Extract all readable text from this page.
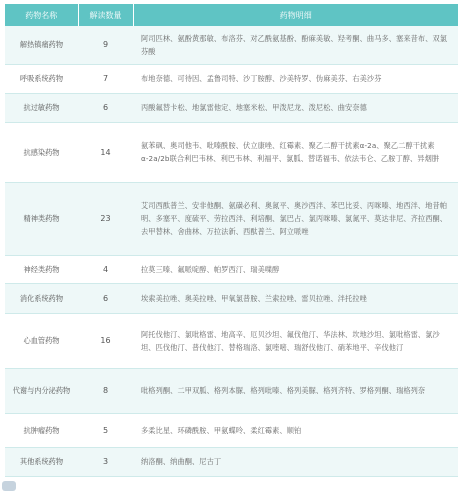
药物名称	解读数量	药物明细
解热镇痛药物	9	阿司匹林、氨酚黄那敏、布洛芬、对乙酰氨基酚、酚麻美敏、羟考酮、曲马多、塞来昔布、双氯芬酸
呼吸系统药物	7	布地奈德、可待因、孟鲁司特、沙丁胺醇、沙美特罗、伪麻美芬、右美沙芬
抗过敏药物	6	丙酸氟替卡松、地氯雷他定、地塞米松、甲泼尼龙、泼尼松、曲安奈德
抗感染药物	14	氨苯砜、奥司他韦、吡嗪酰胺、伏立康唑、红霉素、聚乙二醇干扰素α-2a、聚乙二醇干扰素α-2a/2b联合利巴韦林、利巴韦林、利福平、氯胍、替诺福韦、依法韦仑、乙胺丁醇、异烟肼
精神类药物	23	艾司西酞普兰、安非他酮、氨磺必利、奥氮平、奥沙西泮、苯巴比妥、丙咪嗪、地西泮、地昔帕明、多塞平、度硫平、劳拉西泮、利培酮、氯巴占、氯丙咪嗪、氯氮平、莫达非尼、齐拉西酮、去甲替林、舍曲林、万拉法新、西酞普兰、阿立哌唑
神经类药物	4	拉莫三嗪、氟哌啶醇、帕罗西汀、瑞美喋醇
消化系统药物	6	埃索美拉唑、奥美拉唑、甲氧氯普胺、兰索拉唑、雷贝拉唑、泮托拉唑
心血管药物	16	阿托伐他汀、氯吡格雷、地高辛、厄贝沙坦、氟伐他汀、华法林、坎地沙坦、氯吡格雷、氯沙坦、匹伐他汀、普伐他汀、替格瑞洛、氯喹嘧、瑞舒伐他汀、硝苯地平、辛伐他汀
代谢与内分泌药物	8	吡格列酮、二甲双胍、格列本脲、格列吡嗪、格列美脲、格列齐特、罗格列酮、瑞格列奈
抗肿瘤药物	5	多柔比星、环磷酰胺、甲氨蝶呤、柔红霉素、顺铂
其他系统药物	3	纳洛酮、纳曲酮、尼古丁
